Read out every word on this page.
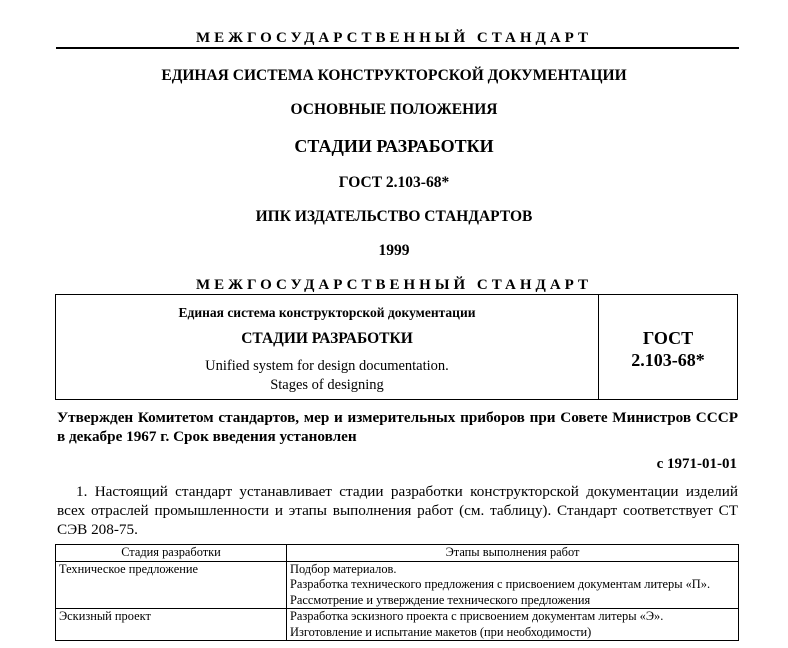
МЕЖГОСУДАРСТВЕННЫЙ СТАНДАРТ
ЕДИНАЯ СИСТЕМА КОНСТРУКТОРСКОЙ ДОКУМЕНТАЦИИ
ОСНОВНЫЕ ПОЛОЖЕНИЯ
СТАДИИ РАЗРАБОТКИ
ГОСТ 2.103-68*
ИПК ИЗДАТЕЛЬСТВО СТАНДАРТОВ
1999
МЕЖГОСУДАРСТВЕННЫЙ СТАНДАРТ
Единая система конструкторской документации
СТАДИИ РАЗРАБОТКИ
Unified system for design documentation.
Stages of designing
ГОСТ
2.103-68*
Утвержден Комитетом стандартов, мер и измерительных приборов при Совете Министров СССР в декабре 1967 г. Срок введения установлен
с 1971-01-01
1. Настоящий стандарт устанавливает стадии разработки конструкторской документации изделий всех отраслей промышленности и этапы выполнения работ (см. таблицу). Стандарт соответствует СТ СЭВ 208-75.
Стадия разработки	Этапы выполнения работ
Техническое предложение	Подбор материалов.
Разработка технического предложения с присвоением документам литеры «П».
Рассмотрение и утверждение технического предложения

Эскизный проект	Разработка эскизного проекта с присвоением документам литеры «Э».
Изготовление и испытание макетов (при необходимости)
